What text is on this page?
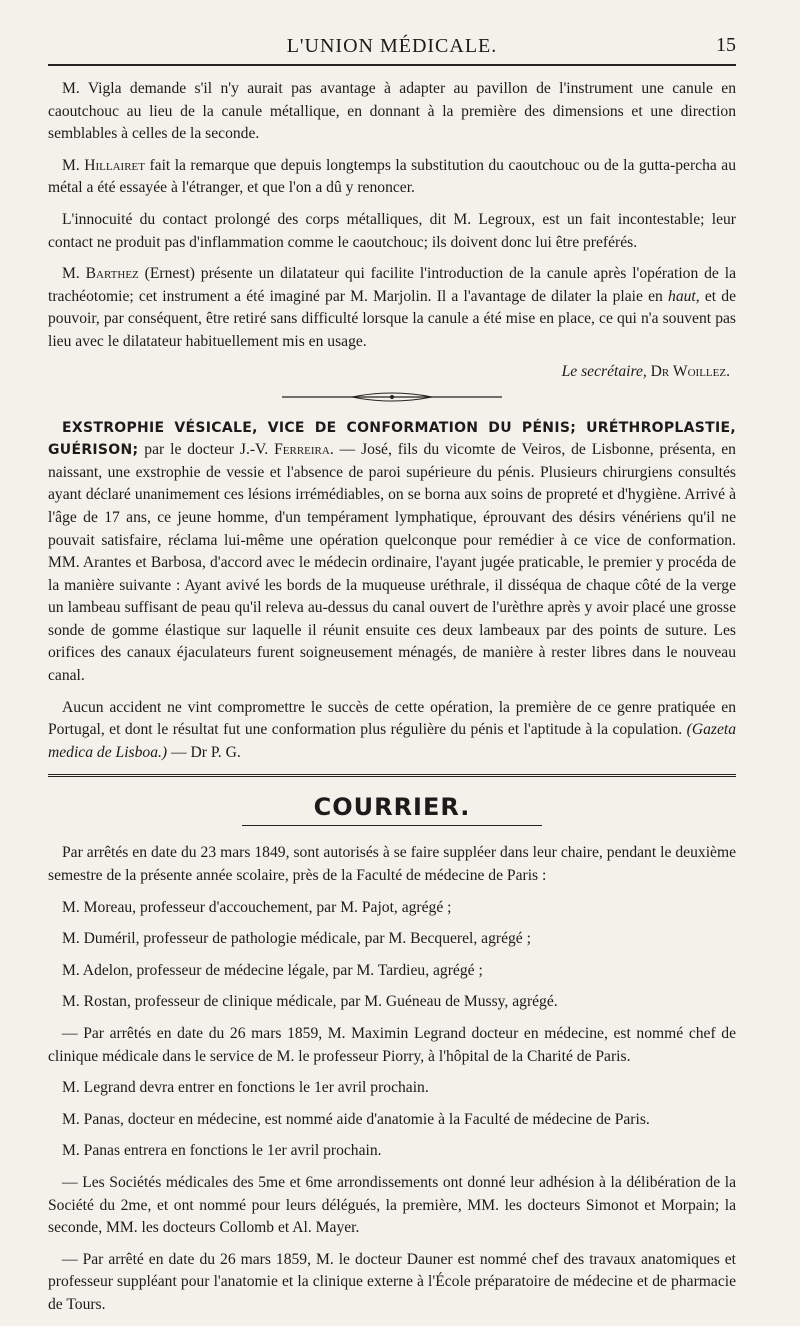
L'UNION MÉDICALE.	15

M. Vigla demande s'il n'y aurait pas avantage à adapter au pavillon de l'instrument une canule en caoutchouc au lieu de la canule métallique, en donnant à la première des dimensions et une direction semblables à celles de la seconde.

M. Hillairet fait la remarque que depuis longtemps la substitution du caoutchouc ou de la gutta-percha au métal a été essayée à l'étranger, et que l'on a dû y renoncer.

L'innocuité du contact prolongé des corps métalliques, dit M. Legroux, est un fait incontestable; leur contact ne produit pas d'inflammation comme le caoutchouc; ils doivent donc lui être preférés.

M. Barthez (Ernest) présente un dilatateur qui facilite l'introduction de la canule après l'opération de la trachéotomie; cet instrument a été imaginé par M. Marjolin. Il a l'avantage de dilater la plaie en haut, et de pouvoir, par conséquent, être retiré sans difficulté lorsque la canule a été mise en place, ce qui n'a souvent pas lieu avec le dilatateur habituellement mis en usage.

Le secrétaire, Dr Woillez.

EXSTROPHIE VÉSICALE, VICE DE CONFORMATION DU PÉNIS; URÉTHROPLASTIE, GUÉRISON; par le docteur J.-V. Ferreira. — José, fils du vicomte de Veiros, de Lisbonne, présenta, en naissant, une exstrophie de vessie et l'absence de paroi supérieure du pénis. Plusieurs chirurgiens consultés ayant déclaré unanimement ces lésions irrémédiables, on se borna aux soins de propreté et d'hygiène. Arrivé à l'âge de 17 ans, ce jeune homme, d'un tempérament lymphatique, éprouvant des désirs vénériens qu'il ne pouvait satisfaire, réclama lui-même une opération quelconque pour remédier à ce vice de conformation. MM. Arantes et Barbosa, d'accord avec le médecin ordinaire, l'ayant jugée praticable, le premier y procéda de la manière suivante : Ayant avivé les bords de la muqueuse uréthrale, il disséqua de chaque côté de la verge un lambeau suffisant de peau qu'il releva au-dessus du canal ouvert de l'urèthre après y avoir placé une grosse sonde de gomme élastique sur laquelle il réunit ensuite ces deux lambeaux par des points de suture. Les orifices des canaux éjaculateurs furent soigneusement ménagés, de manière à rester libres dans le nouveau canal.

Aucun accident ne vint compromettre le succès de cette opération, la première de ce genre pratiquée en Portugal, et dont le résultat fut une conformation plus régulière du pénis et l'aptitude à la copulation. (Gazeta medica de Lisboa.) — Dr P. G.

COURRIER.

Par arrêtés en date du 23 mars 1849, sont autorisés à se faire suppléer dans leur chaire, pendant le deuxième semestre de la présente année scolaire, près de la Faculté de médecine de Paris :

M. Moreau, professeur d'accouchement, par M. Pajot, agrégé ;

M. Duméril, professeur de pathologie médicale, par M. Becquerel, agrégé ;

M. Adelon, professeur de médecine légale, par M. Tardieu, agrégé ;

M. Rostan, professeur de clinique médicale, par M. Guéneau de Mussy, agrégé.

— Par arrêtés en date du 26 mars 1859, M. Maximin Legrand docteur en médecine, est nommé chef de clinique médicale dans le service de M. le professeur Piorry, à l'hôpital de la Charité de Paris.

M. Legrand devra entrer en fonctions le 1er avril prochain.

M. Panas, docteur en médecine, est nommé aide d'anatomie à la Faculté de médecine de Paris.

M. Panas entrera en fonctions le 1er avril prochain.

— Les Sociétés médicales des 5me et 6me arrondissements ont donné leur adhésion à la délibération de la Société du 2me, et ont nommé pour leurs délégués, la première, MM. les docteurs Simonot et Morpain; la seconde, MM. les docteurs Collomb et Al. Mayer.

— Par arrêté en date du 26 mars 1859, M. le docteur Dauner est nommé chef des travaux anatomiques et professeur suppléant pour l'anatomie et la clinique externe à l'École préparatoire de médecine et de pharmacie de Tours.
